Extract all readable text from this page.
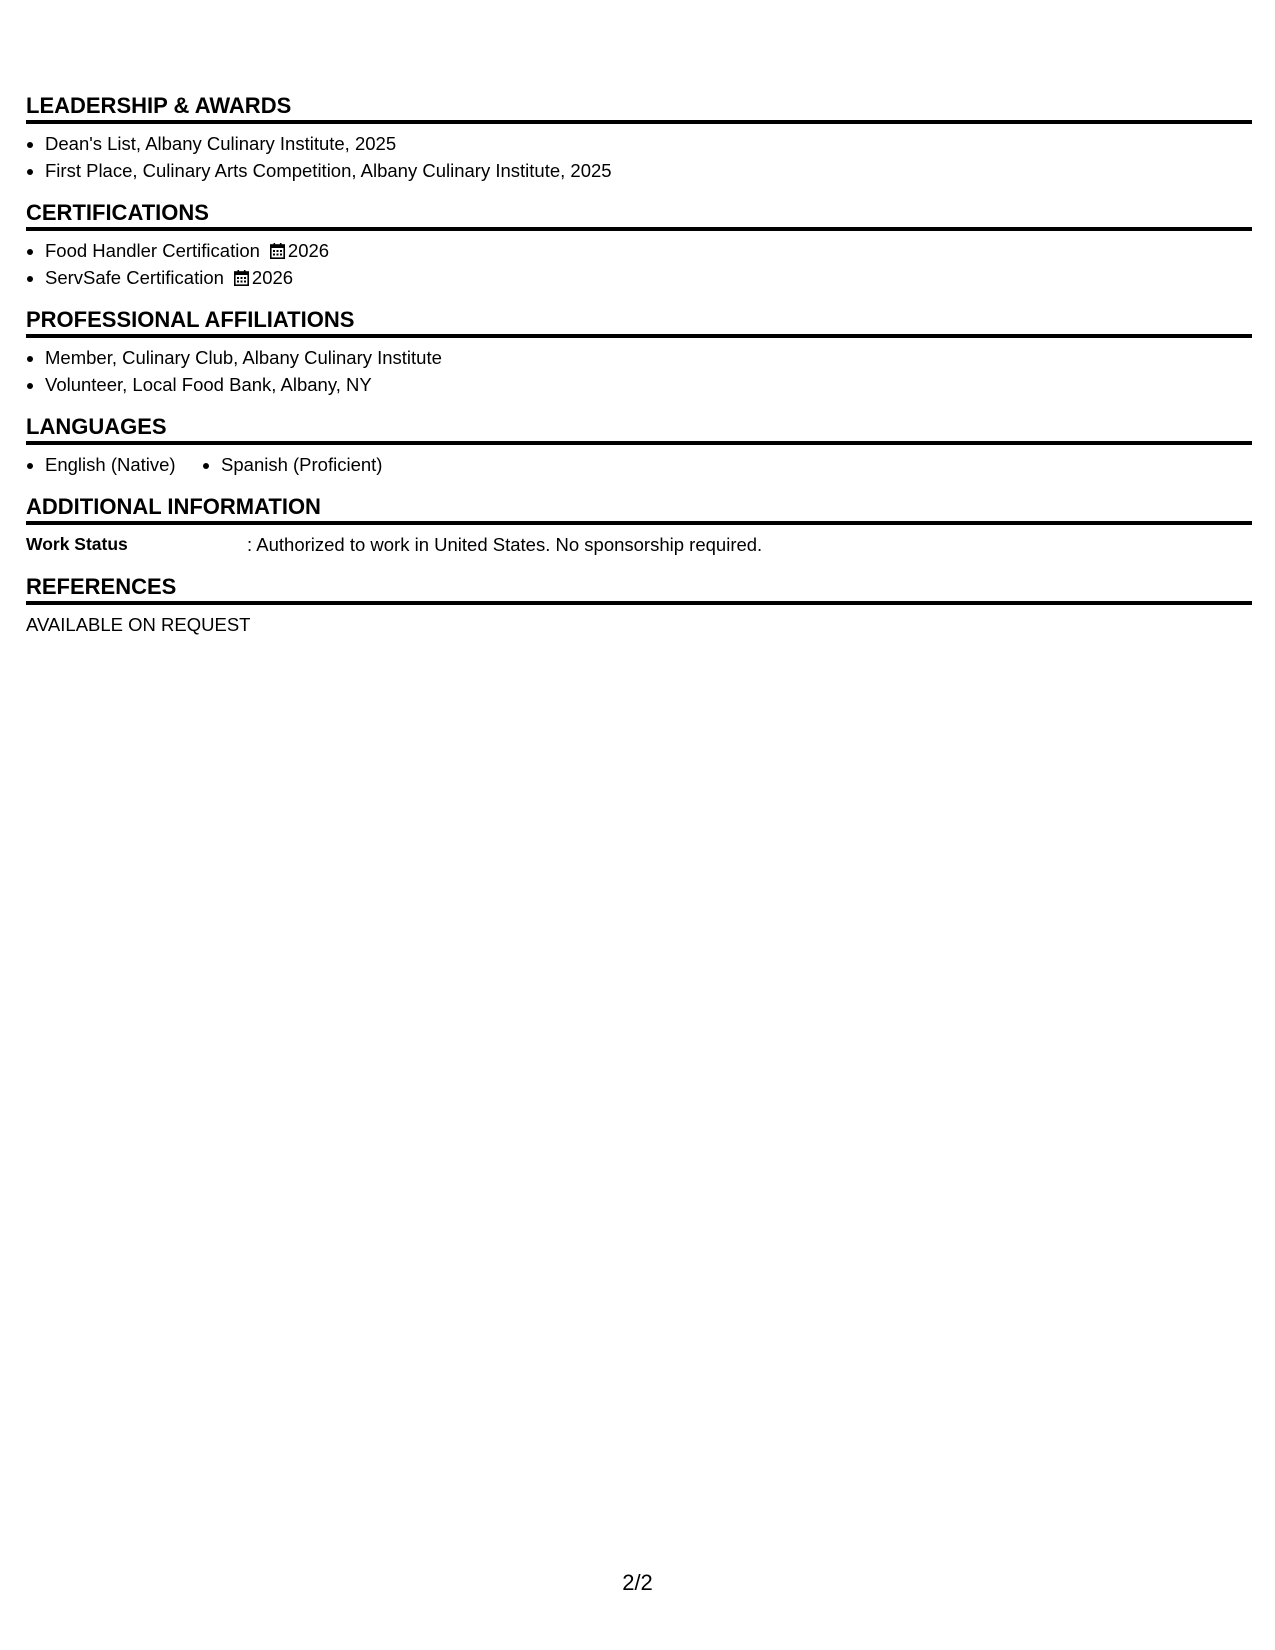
LEADERSHIP & AWARDS
Dean's List, Albany Culinary Institute, 2025
First Place, Culinary Arts Competition, Albany Culinary Institute, 2025
CERTIFICATIONS
Food Handler Certification 2026
ServSafe Certification 2026
PROFESSIONAL AFFILIATIONS
Member, Culinary Club, Albany Culinary Institute
Volunteer, Local Food Bank, Albany, NY
LANGUAGES
English (Native) Spanish (Proficient)
ADDITIONAL INFORMATION
Work Status	: Authorized to work in United States. No sponsorship required.
REFERENCES
AVAILABLE ON REQUEST
2/2
